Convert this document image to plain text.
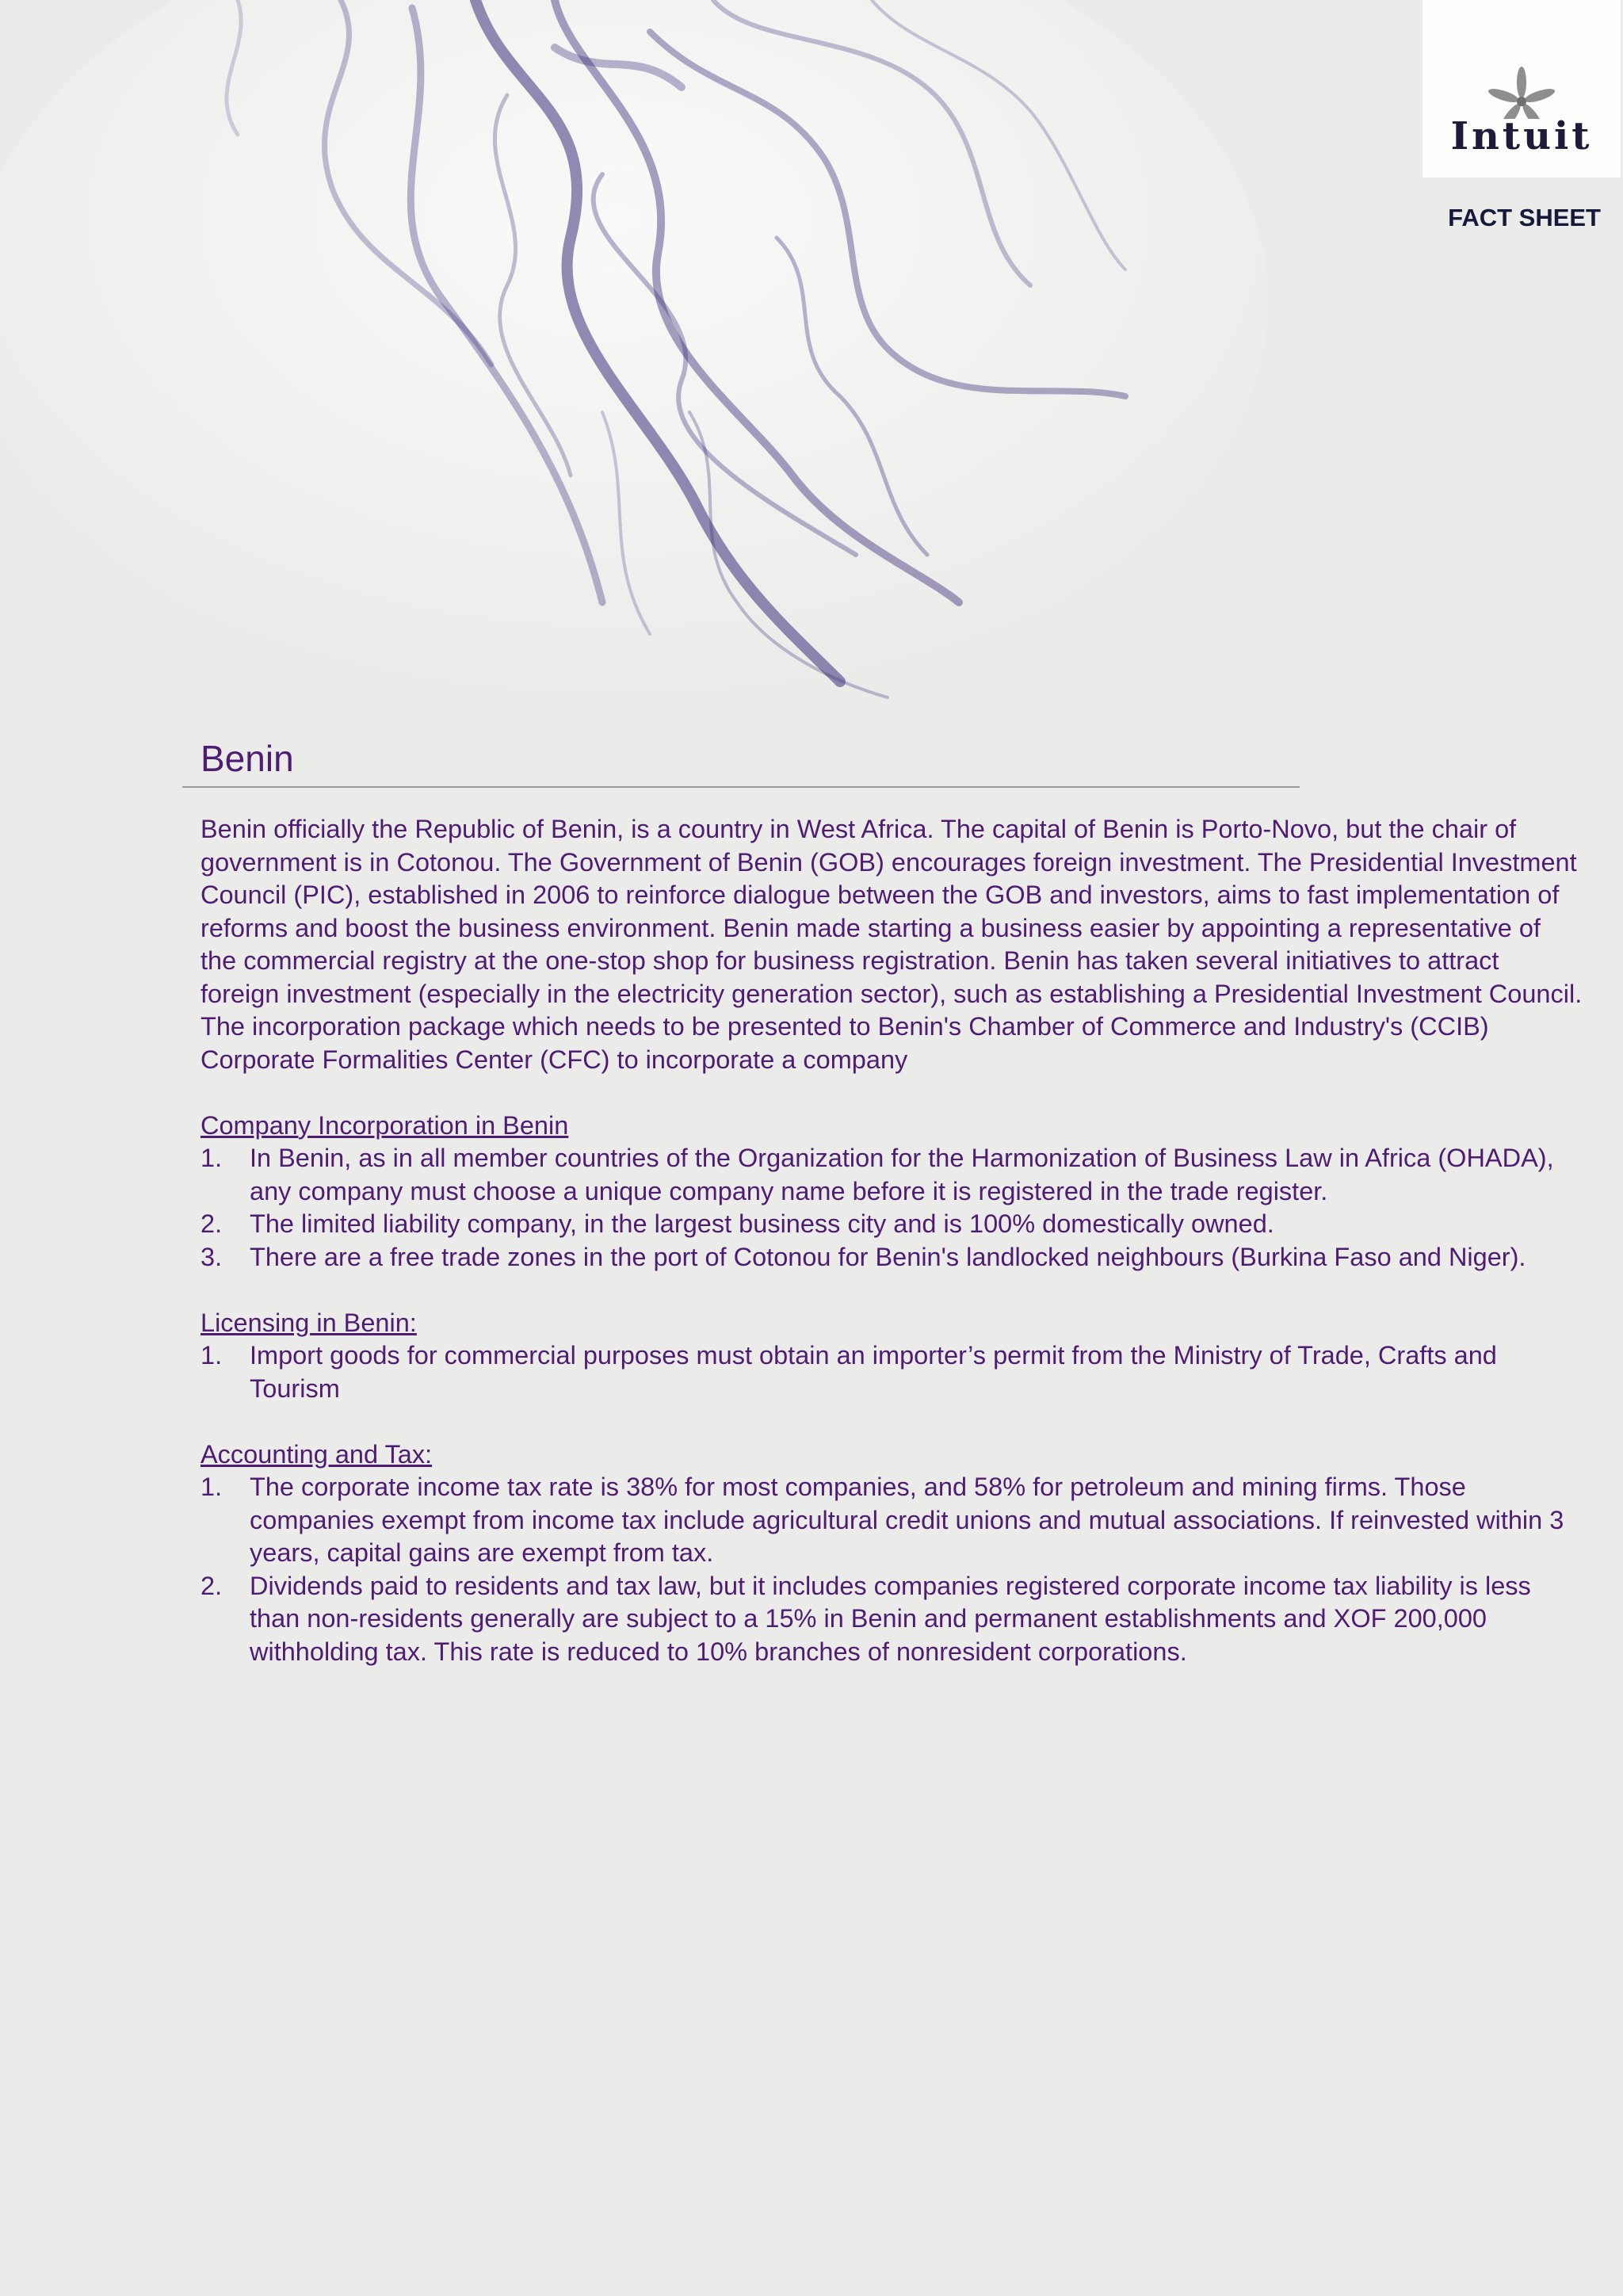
Intuit
FACT SHEET
Benin

Benin officially the Republic of Benin, is a country in West Africa. The capital of Benin is Porto-Novo, but the chair of government is in Cotonou. The Government of Benin (GOB) encourages foreign investment. The Presidential Investment Council (PIC), established in 2006 to reinforce dialogue between the GOB and investors, aims to fast implementation of reforms and boost the business environment. Benin made starting a business easier by appointing a representative of the commercial registry at the one-stop shop for business registration. Benin has taken several initiatives to attract foreign investment (especially in the electricity generation sector), such as establishing a Presidential Investment Council. The incorporation package which needs to be presented to Benin's Chamber of Commerce and Industry's (CCIB) Corporate Formalities Center (CFC) to incorporate a company

Company Incorporation in Benin

1. In Benin, as in all member countries of the Organization for the Harmonization of Business Law in Africa (OHADA), any company must choose a unique company name before it is registered in the trade register.
2. The limited liability company, in the largest business city and is 100% domestically owned.
3. There are a free trade zones in the port of Cotonou for Benin's landlocked neighbours (Burkina Faso and Niger).

Licensing in Benin:

1. Import goods for commercial purposes must obtain an importer’s permit from the Ministry of Trade, Crafts and Tourism

Accounting and Tax:

1. The corporate income tax rate is 38% for most companies, and 58% for petroleum and mining firms. Those companies exempt from income tax include agricultural credit unions and mutual associations. If reinvested within 3 years, capital gains are exempt from tax.
2. Dividends paid to residents and tax law, but it includes companies registered corporate income tax liability is less than non-residents generally are subject to a 15% in Benin and permanent establishments and XOF 200,000 withholding tax. This rate is reduced to 10% branches of nonresident corporations.
